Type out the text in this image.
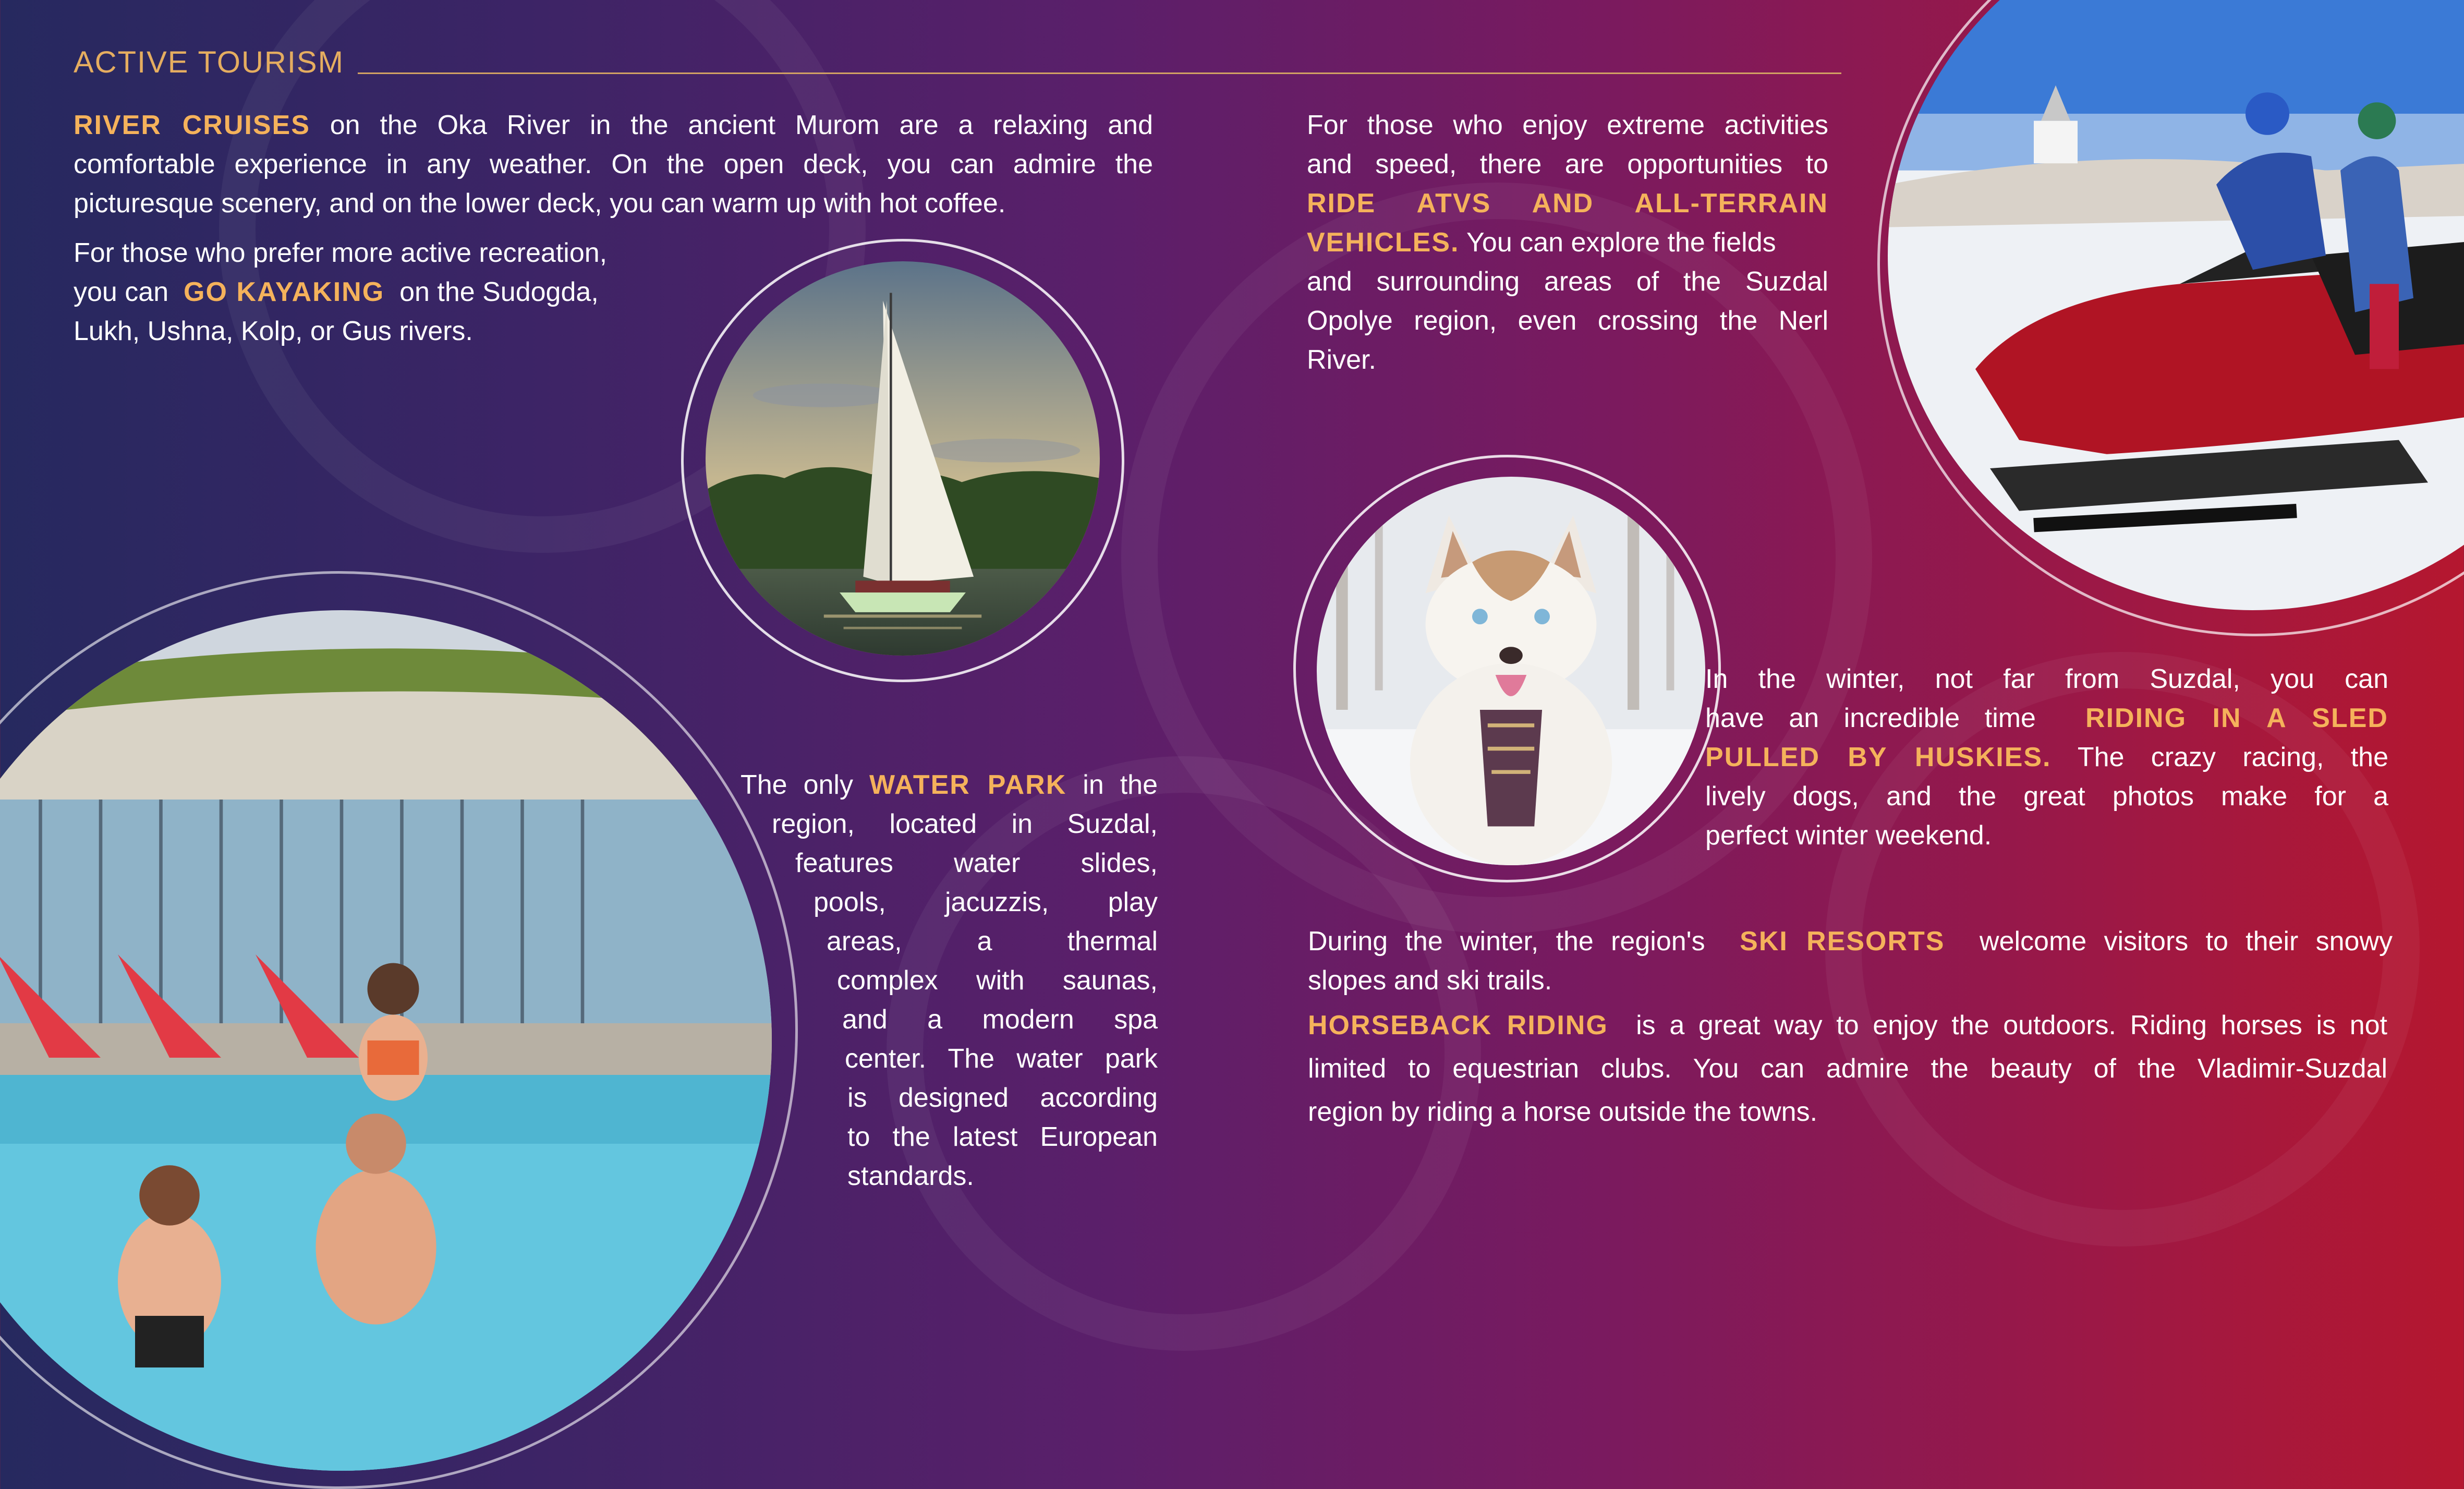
ACTIVE TOURISM
RIVER CRUISES on the Oka River in the ancient Murom are a relaxing and
comfortable experience in any weather. On the open deck, you can admire the
picturesque scenery, and on the lower deck, you can warm up with hot coffee.
For those who prefer more active recreation,
you can GO KAYAKING on the Sudogda,
Lukh, Ushna, Kolp, or Gus rivers.
For those who enjoy extreme activities
and speed, there are opportunities to
RIDE ATVS AND ALL-TERRAIN
VEHICLES. You can explore the fields
and surrounding areas of the Suzdal
Opolye region, even crossing the Nerl
River.
In the winter, not far from Suzdal, you can
have an incredible time RIDING IN A SLED
PULLED BY HUSKIES. The crazy racing, the
lively dogs, and the great photos make for a
perfect winter weekend.
The only WATER PARK in the
region, located in Suzdal,
features water slides,
pools, jacuzzis, play
areas, a thermal
complex with saunas,
and a modern spa
center. The water park
is designed according
to the latest European
standards.
During the winter, the region's SKI RESORTS welcome visitors to their snowy
slopes and ski trails.
HORSEBACK RIDING is a great way to enjoy the outdoors. Riding horses is not
limited to equestrian clubs. You can admire the beauty of the Vladimir-Suzdal
region by riding a horse outside the towns.
